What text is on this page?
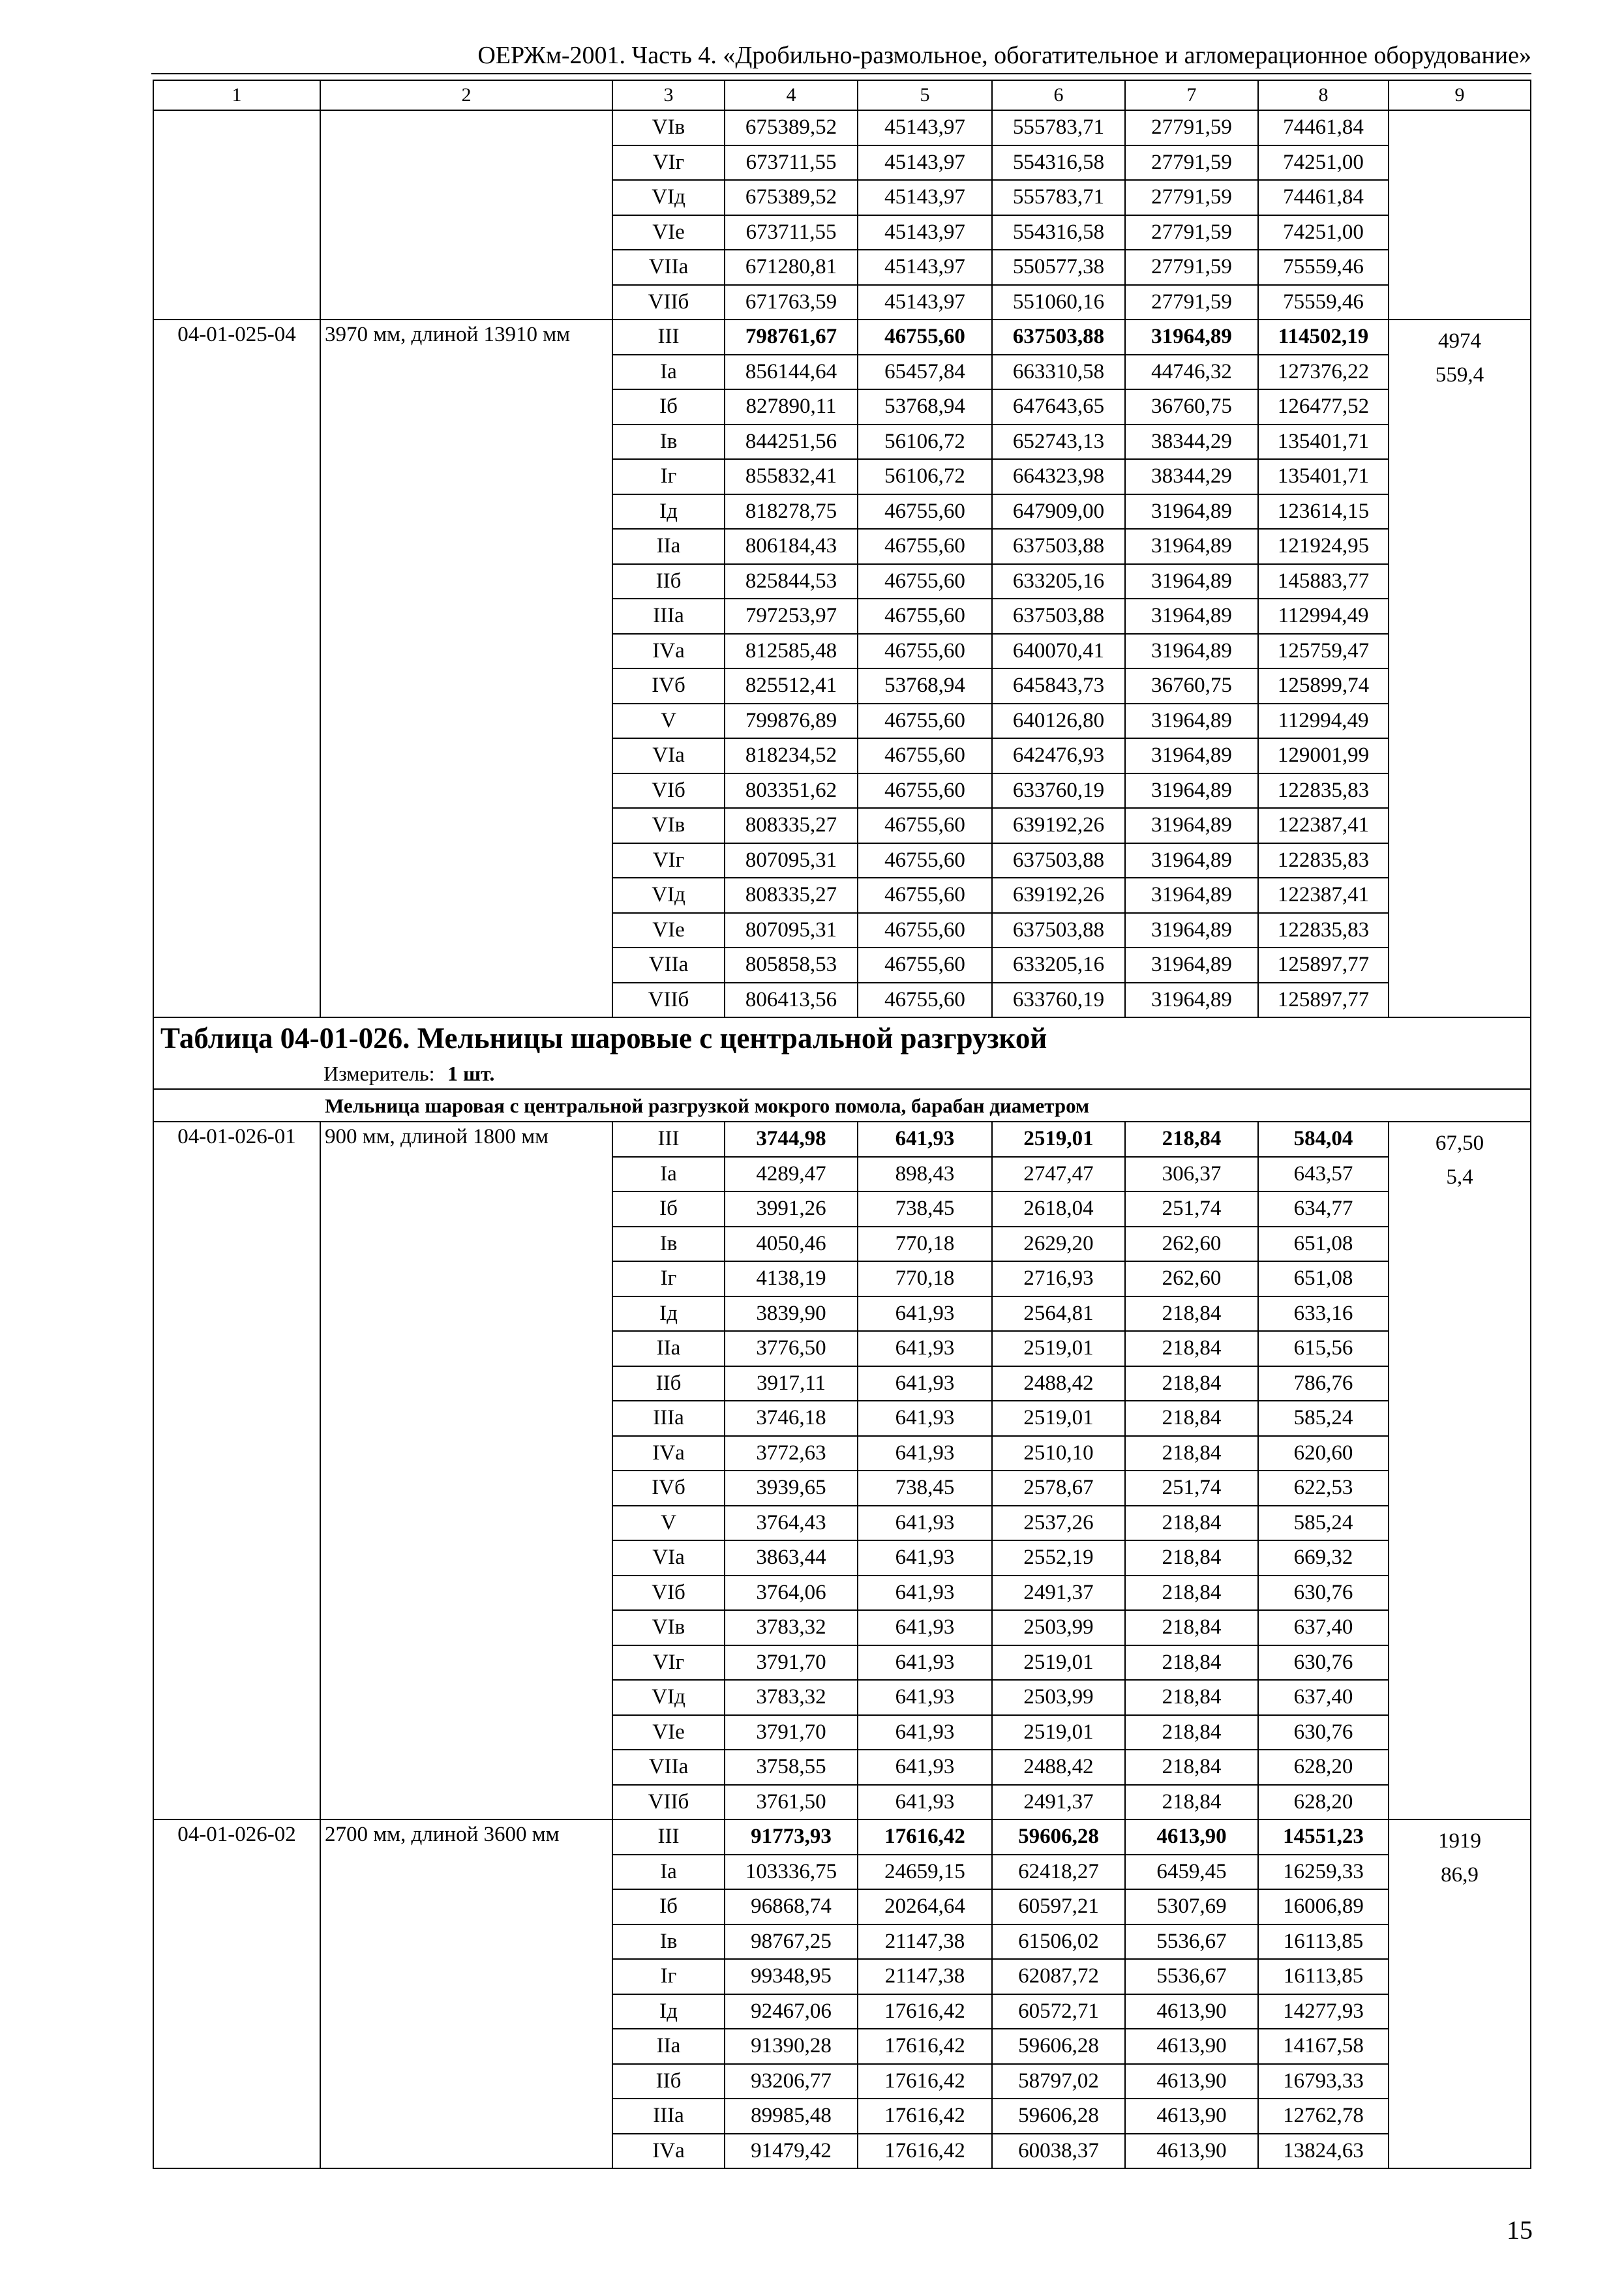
ОЕРЖм-2001. Часть 4. «Дробильно-размольное, обогатительное и агломерационное оборудование»
1	2	3	4	5	6	7	8	9
		VIв	675389,52	45143,97	555783,71	27791,59	74461,84	
		VIг	673711,55	45143,97	554316,58	27791,59	74251,00	
		VIд	675389,52	45143,97	555783,71	27791,59	74461,84	
		VIе	673711,55	45143,97	554316,58	27791,59	74251,00	
		VIIа	671280,81	45143,97	550577,38	27791,59	75559,46	
		VIIб	671763,59	45143,97	551060,16	27791,59	75559,46	
04-01-025-04	3970 мм, длиной 13910 мм	III	798761,67	46755,60	637503,88	31964,89	114502,19	4974
559,4

		Iа	856144,64	65457,84	663310,58	44746,32	127376,22	
		Iб	827890,11	53768,94	647643,65	36760,75	126477,52	
		Iв	844251,56	56106,72	652743,13	38344,29	135401,71	
		Iг	855832,41	56106,72	664323,98	38344,29	135401,71	
		Iд	818278,75	46755,60	647909,00	31964,89	123614,15	
		IIа	806184,43	46755,60	637503,88	31964,89	121924,95	
		IIб	825844,53	46755,60	633205,16	31964,89	145883,77	
		IIIа	797253,97	46755,60	637503,88	31964,89	112994,49	
		IVа	812585,48	46755,60	640070,41	31964,89	125759,47	
		IVб	825512,41	53768,94	645843,73	36760,75	125899,74	
		V	799876,89	46755,60	640126,80	31964,89	112994,49	
		VIа	818234,52	46755,60	642476,93	31964,89	129001,99	
		VIб	803351,62	46755,60	633760,19	31964,89	122835,83	
		VIв	808335,27	46755,60	639192,26	31964,89	122387,41	
		VIг	807095,31	46755,60	637503,88	31964,89	122835,83	
		VIд	808335,27	46755,60	639192,26	31964,89	122387,41	
		VIе	807095,31	46755,60	637503,88	31964,89	122835,83	
		VIIа	805858,53	46755,60	633205,16	31964,89	125897,77	
		VIIб	806413,56	46755,60	633760,19	31964,89	125897,77	
Таблица 04-01-026. Мельницы шаровые с центральной разгрузкой								
Измеритель: 1 шт.								
Мельница шаровая с центральной разгрузкой мокрого помола, барабан диаметром								
04-01-026-01	900 мм, длиной 1800 мм	III	3744,98	641,93	2519,01	218,84	584,04	67,50
5,4

		Iа	4289,47	898,43	2747,47	306,37	643,57	
		Iб	3991,26	738,45	2618,04	251,74	634,77	
		Iв	4050,46	770,18	2629,20	262,60	651,08	
		Iг	4138,19	770,18	2716,93	262,60	651,08	
		Iд	3839,90	641,93	2564,81	218,84	633,16	
		IIа	3776,50	641,93	2519,01	218,84	615,56	
		IIб	3917,11	641,93	2488,42	218,84	786,76	
		IIIа	3746,18	641,93	2519,01	218,84	585,24	
		IVа	3772,63	641,93	2510,10	218,84	620,60	
		IVб	3939,65	738,45	2578,67	251,74	622,53	
		V	3764,43	641,93	2537,26	218,84	585,24	
		VIа	3863,44	641,93	2552,19	218,84	669,32	
		VIб	3764,06	641,93	2491,37	218,84	630,76	
		VIв	3783,32	641,93	2503,99	218,84	637,40	
		VIг	3791,70	641,93	2519,01	218,84	630,76	
		VIд	3783,32	641,93	2503,99	218,84	637,40	
		VIе	3791,70	641,93	2519,01	218,84	630,76	
		VIIа	3758,55	641,93	2488,42	218,84	628,20	
		VIIб	3761,50	641,93	2491,37	218,84	628,20	
04-01-026-02	2700 мм, длиной 3600 мм	III	91773,93	17616,42	59606,28	4613,90	14551,23	1919
86,9

		Iа	103336,75	24659,15	62418,27	6459,45	16259,33	
		Iб	96868,74	20264,64	60597,21	5307,69	16006,89	
		Iв	98767,25	21147,38	61506,02	5536,67	16113,85	
		Iг	99348,95	21147,38	62087,72	5536,67	16113,85	
		Iд	92467,06	17616,42	60572,71	4613,90	14277,93	
		IIа	91390,28	17616,42	59606,28	4613,90	14167,58	
		IIб	93206,77	17616,42	58797,02	4613,90	16793,33	
		IIIа	89985,48	17616,42	59606,28	4613,90	12762,78	
		IVа	91479,42	17616,42	60038,37	4613,90	13824,63	
15
